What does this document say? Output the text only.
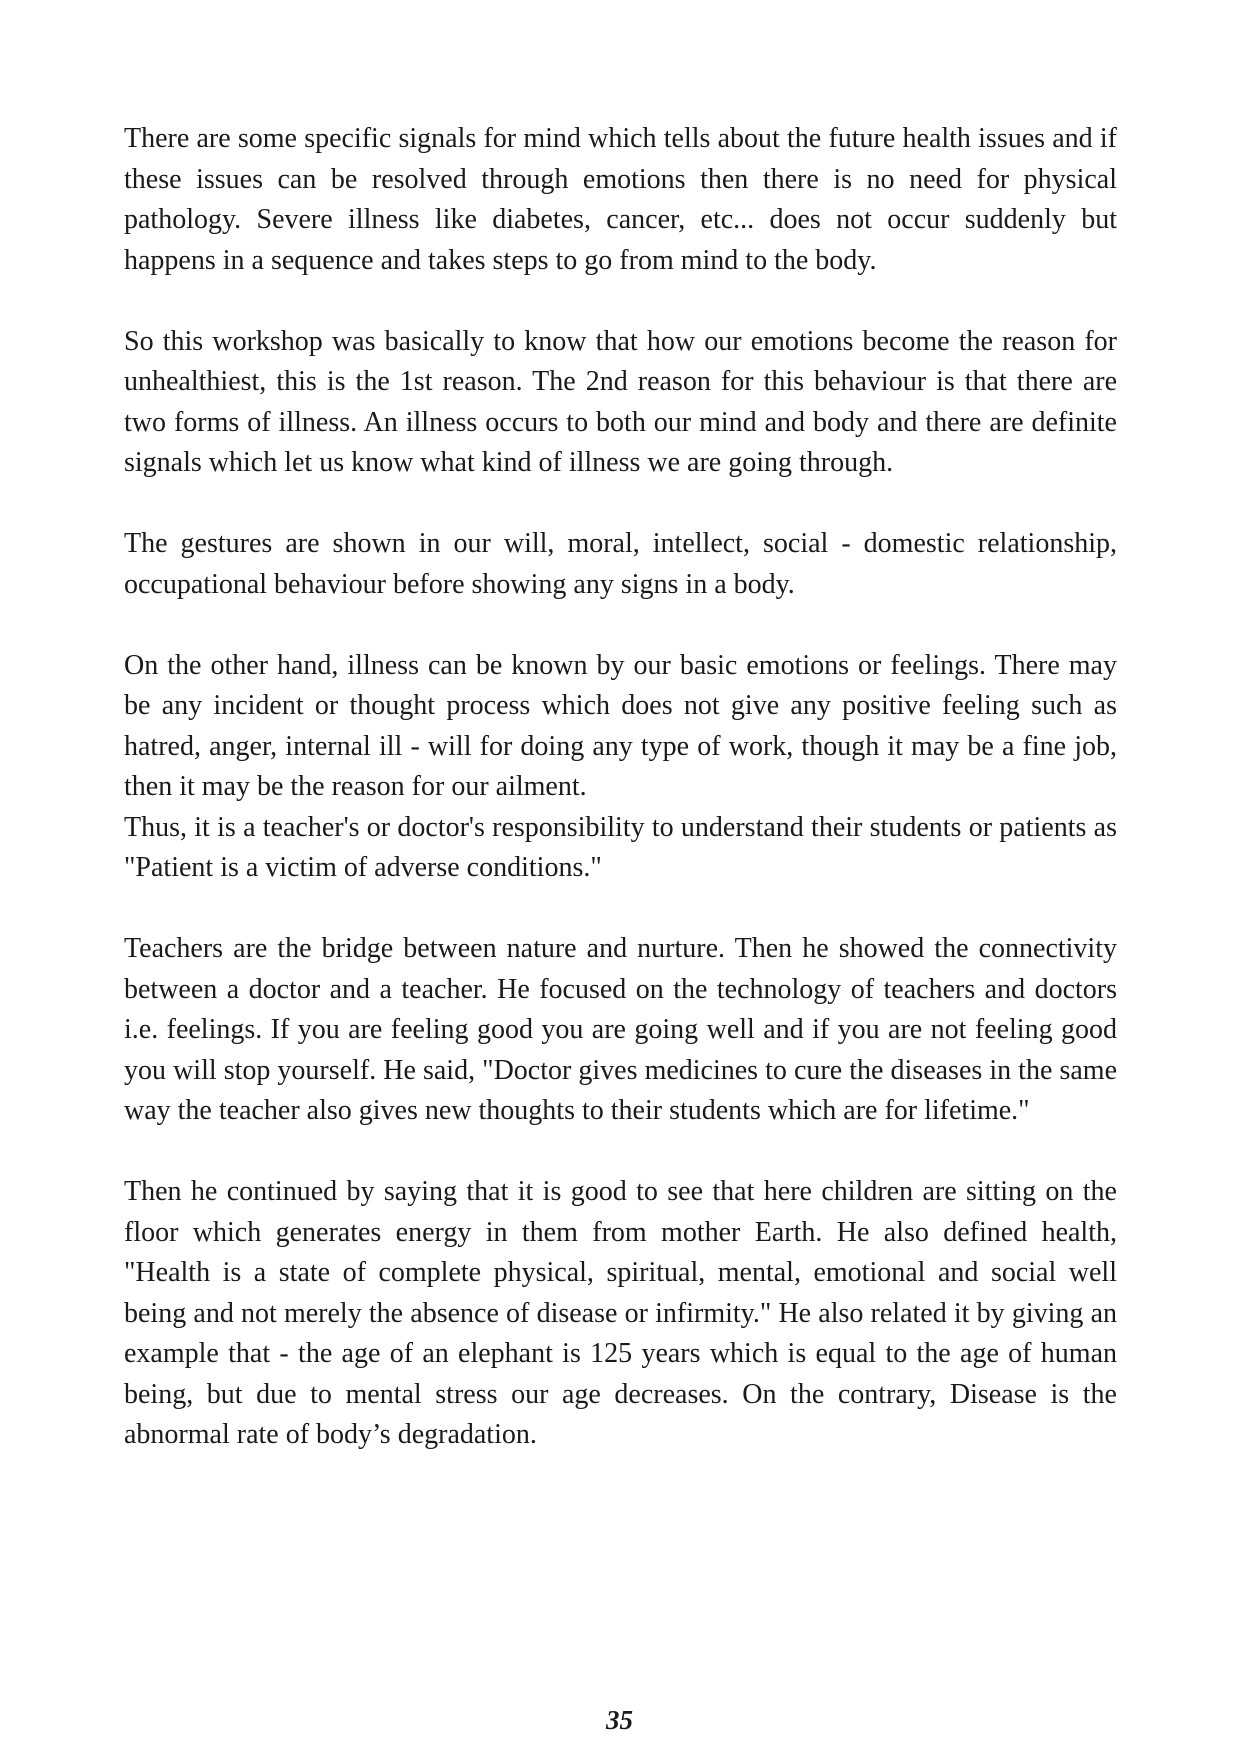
There are some specific signals for mind which tells about the future health issues and if these issues can be resolved through emotions then there is no need for physical pathology. Severe illness like diabetes, cancer, etc... does not occur suddenly but happens in a sequence and takes steps to go from mind to the body.

So this workshop was basically to know that how our emotions become the reason for unhealthiest, this is the 1st reason. The 2nd reason for this behaviour is that there are two forms of illness. An illness occurs to both our mind and body and there are definite signals which let us know what kind of illness we are going through.

The gestures are shown in our will, moral, intellect, social - domestic relationship, occupational behaviour before showing any signs in a body.

On the other hand, illness can be known by our basic emotions or feelings. There may be any incident or thought process which does not give any positive feeling such as hatred, anger, internal ill - will for doing any type of work, though it may be a fine job, then it may be the reason for our ailment.

Thus, it is a teacher's or doctor's responsibility to understand their students or patients as "Patient is a victim of adverse conditions."

Teachers are the bridge between nature and nurture. Then he showed the connectivity between a doctor and a teacher. He focused on the technology of teachers and doctors i.e. feelings. If you are feeling good you are going well and if you are not feeling good you will stop yourself. He said, "Doctor gives medicines to cure the diseases in the same way the teacher also gives new thoughts to their students which are for lifetime."

Then he continued by saying that it is good to see that here children are sitting on the floor which generates energy in them from mother Earth. He also defined health, "Health is a state of complete physical, spiritual, mental, emotional and social well being and not merely the absence of disease or infirmity." He also related it by giving an example that - the age of an elephant is 125 years which is equal to the age of human being, but due to mental stress our age decreases. On the contrary, Disease is the abnormal rate of body’s degradation.

35
